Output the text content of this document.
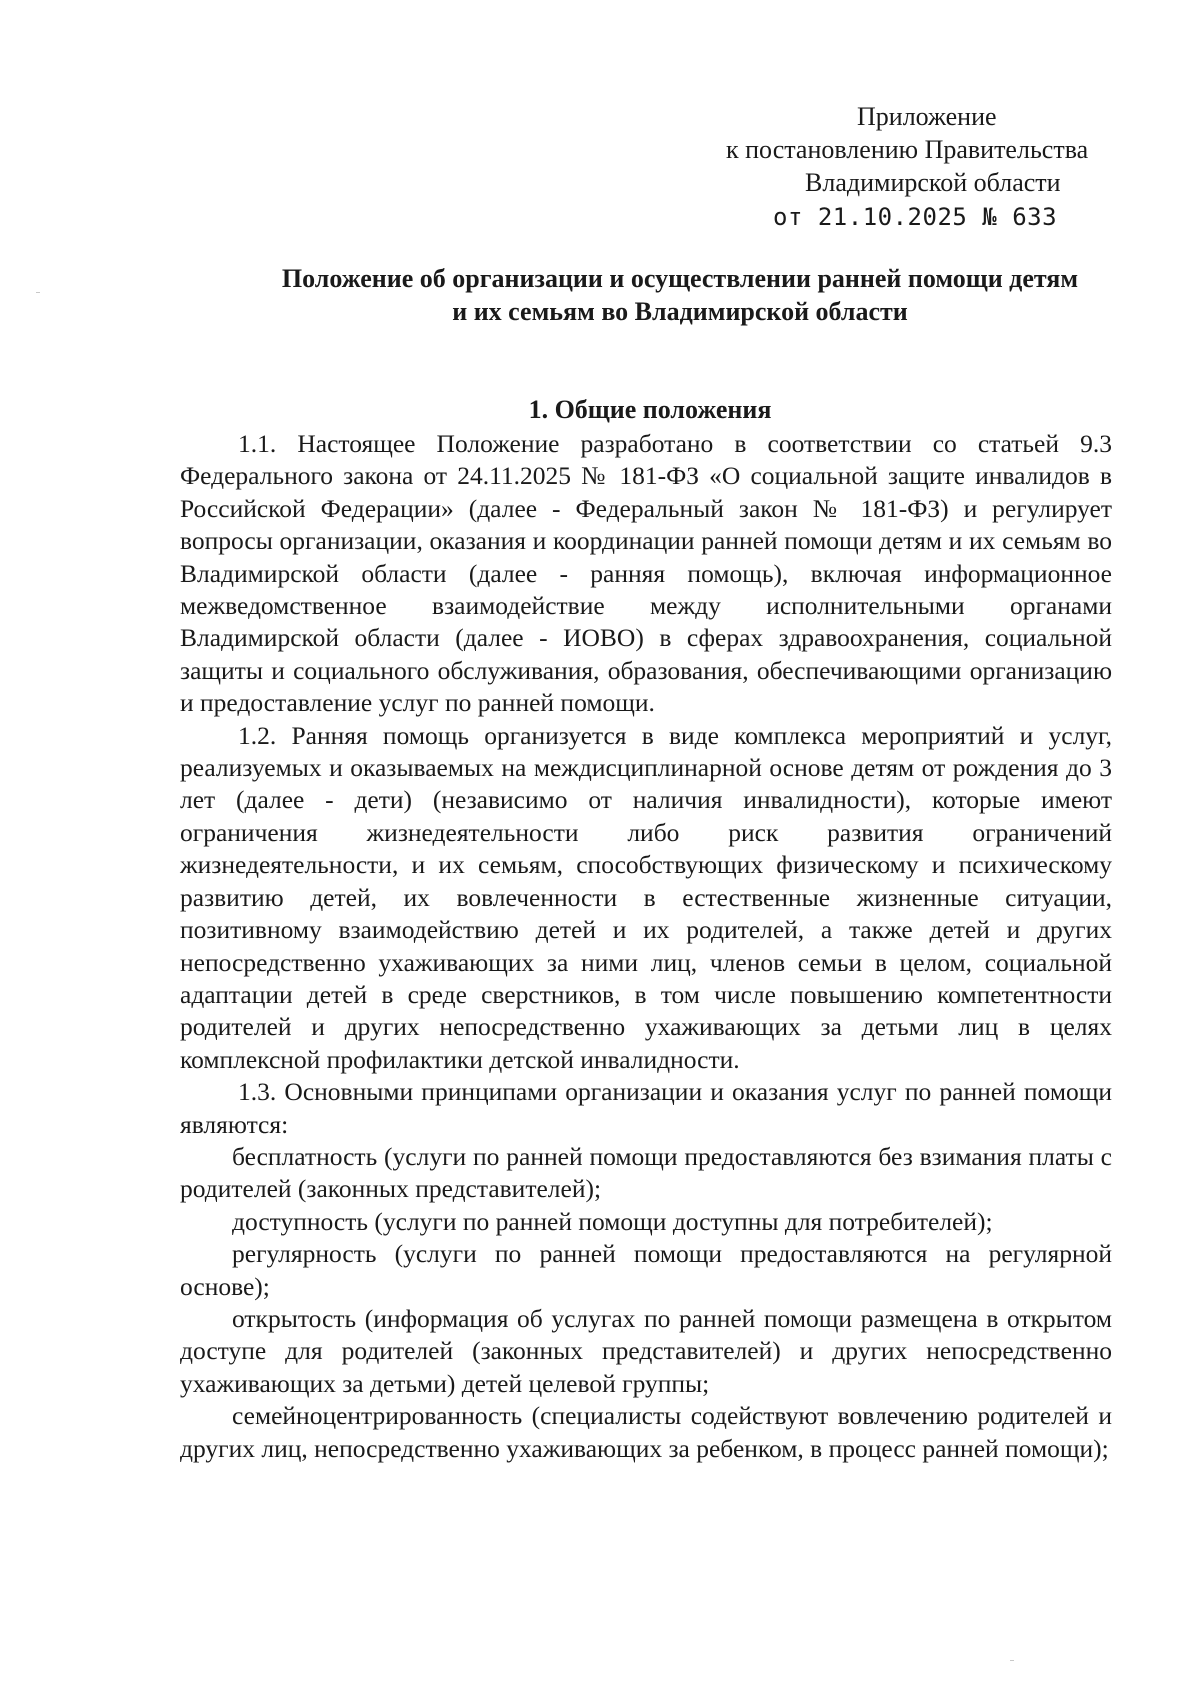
Приложение
к постановлению Правительства
Владимирской области
от 21.10.2025 № 633
Положение об организации и осуществлении ранней помощи детям
и их семьям во Владимирской области
1. Общие положения

1.1. Настоящее Положение разработано в соответствии со статьей 9.3 Федерального закона от 24.11.2025 № 181-ФЗ «О социальной защите инвалидов в Российской Федерации» (далее - Федеральный закон № 181-ФЗ) и регулирует вопросы организации, оказания и координации ранней помощи детям и их семьям во Владимирской области (далее - ранняя помощь), включая информационное межведомственное взаимодействие между исполнительными органами Владимирской области (далее - ИОВО) в сферах здравоохранения, социальной защиты и социального обслуживания, образования, обеспечивающими организацию и предоставление услуг по ранней помощи.

1.2. Ранняя помощь организуется в виде комплекса мероприятий и услуг, реализуемых и оказываемых на междисциплинарной основе детям от рождения до 3 лет (далее - дети) (независимо от наличия инвалидности), которые имеют ограничения жизнедеятельности либо риск развития ограничений жизнедеятельности, и их семьям, способствующих физическому и психическому развитию детей, их вовлеченности в естественные жизненные ситуации, позитивному взаимодействию детей и их родителей, а также детей и других непосредственно ухаживающих за ними лиц, членов семьи в целом, социальной адаптации детей в среде сверстников, в том числе повышению компетентности родителей и других непосредственно ухаживающих за детьми лиц в целях комплексной профилактики детской инвалидности.

1.3. Основными принципами организации и оказания услуг по ранней помощи являются:

бесплатность (услуги по ранней помощи предоставляются без взимания платы с родителей (законных представителей);

доступность (услуги по ранней помощи доступны для потребителей);

регулярность (услуги по ранней помощи предоставляются на регулярной основе);

открытость (информация об услугах по ранней помощи размещена в открытом доступе для родителей (законных представителей) и других непосредственно ухаживающих за детьми) детей целевой группы;

семейноцентрированность (специалисты содействуют вовлечению родителей и других лиц, непосредственно ухаживающих за ребенком, в процесс ранней помощи);
